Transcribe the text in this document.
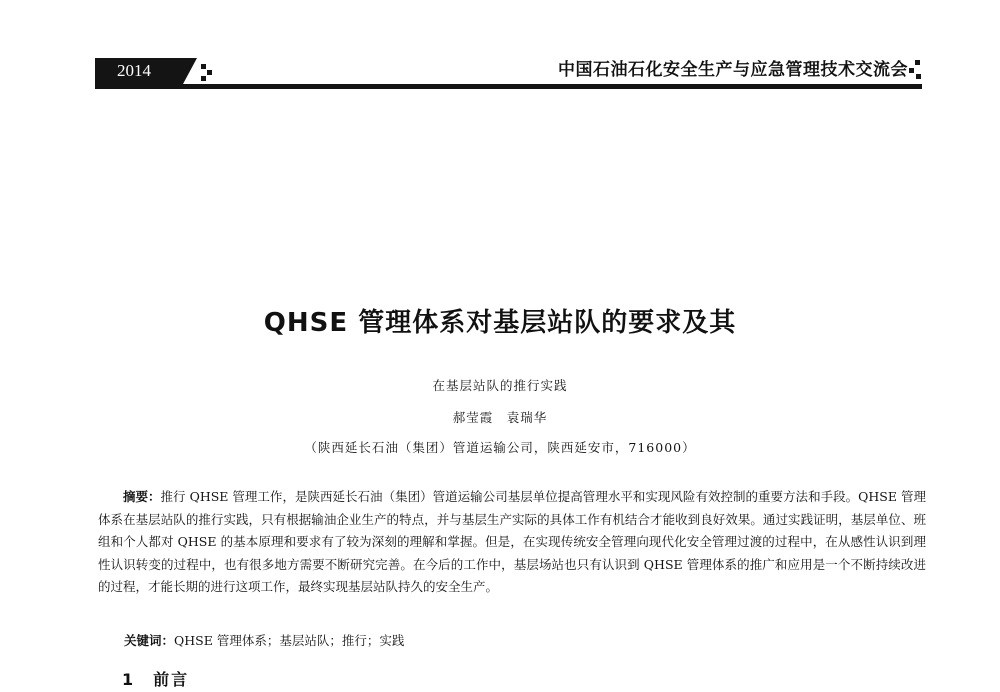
2014	中国石油石化安全生产与应急管理技术交流会
QHSE 管理体系对基层站队的要求及其
在基层站队的推行实践
郝莹霞　袁瑞华
（陕西延长石油（集团）管道运输公司，陕西延安市，716000）

摘要：推行 QHSE 管理工作，是陕西延长石油（集团）管道运输公司基层单位提高管理水平和实现风险有效控制的重要方法和手段。QHSE 管理体系在基层站队的推行实践，只有根据输油企业生产的特点，并与基层生产实际的具体工作有机结合才能收到良好效果。通过实践证明，基层单位、班组和个人都对 QHSE 的基本原理和要求有了较为深刻的理解和掌握。但是，在实现传统安全管理向现代化安全管理过渡的过程中，在从感性认识到理性认识转变的过程中，也有很多地方需要不断研究完善。在今后的工作中，基层场站也只有认识到 QHSE 管理体系的推广和应用是一个不断持续改进的过程，才能长期的进行这项工作，最终实现基层站队持久的安全生产。

关键词：QHSE 管理体系；基层站队；推行；实践
1　前言
